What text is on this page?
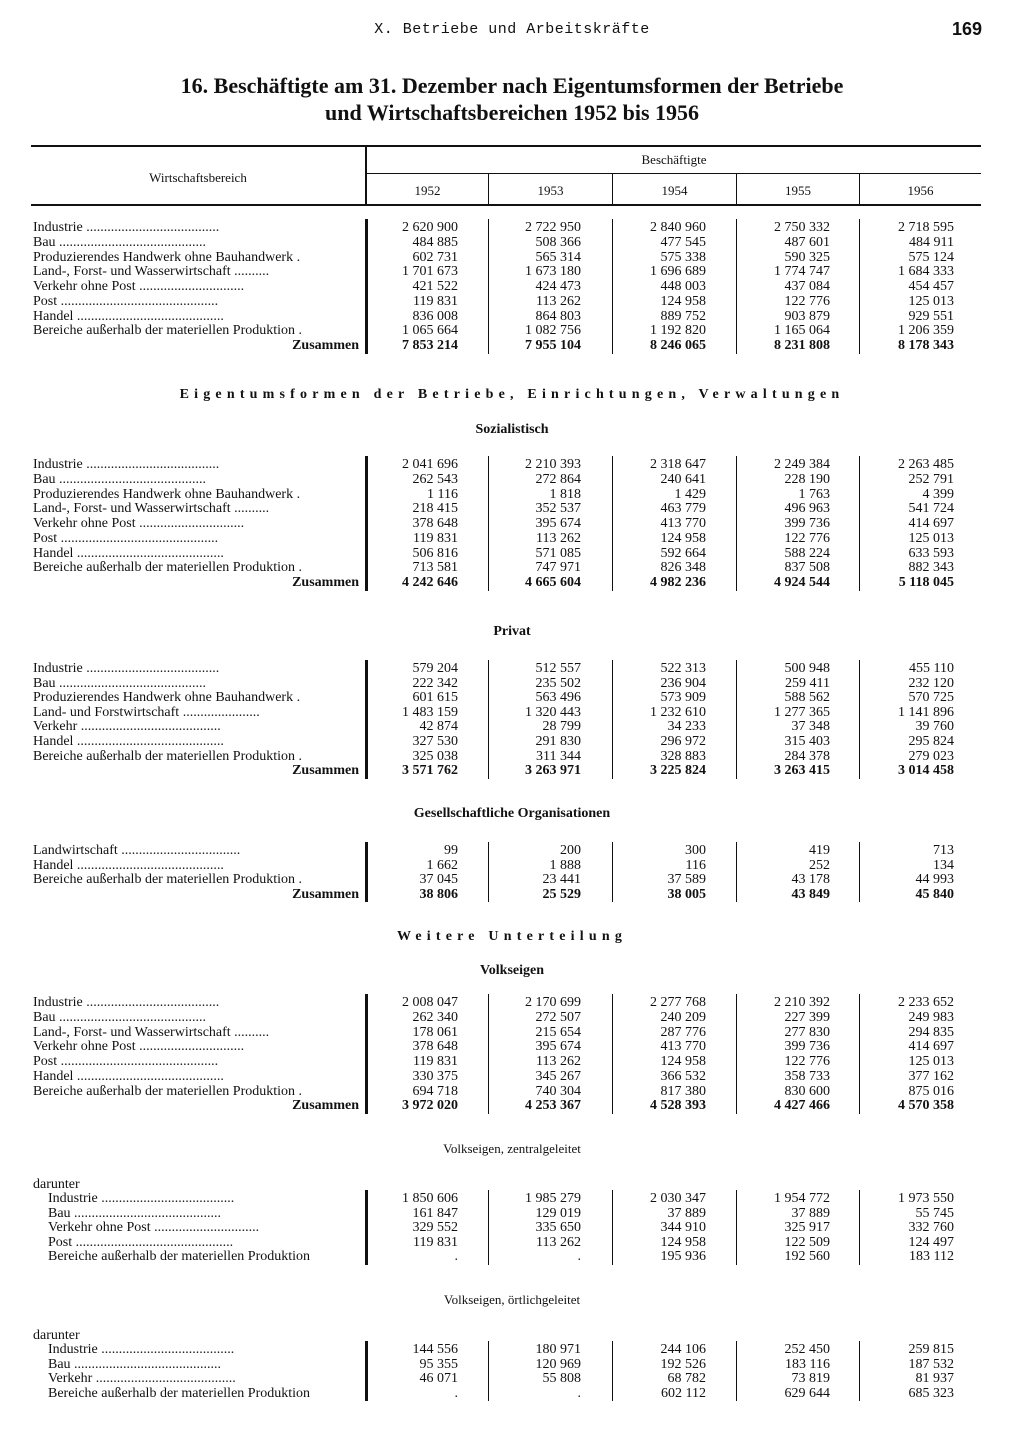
X. Betriebe und Arbeitskräfte	169
16. Beschäftigte am 31. Dezember nach Eigentumsformen der Betriebe
und Wirtschaftsbereichen 1952 bis 1956
Wirtschaftsbereich
Beschäftigte
1952	1953	1954	1955	1956
Industrie ......................................	2 620 900	2 722 950	2 840 960	2 750 332	2 718 595
Bau ..........................................	484 885	508 366	477 545	487 601	484 911
Produzierendes Handwerk ohne Bauhandwerk .	602 731	565 314	575 338	590 325	575 124
Land-, Forst- und Wasserwirtschaft ..........	1 701 673	1 673 180	1 696 689	1 774 747	1 684 333
Verkehr ohne Post ..............................	421 522	424 473	448 003	437 084	454 457
Post .............................................	119 831	113 262	124 958	122 776	125 013
Handel ..........................................	836 008	864 803	889 752	903 879	929 551
Bereiche außerhalb der materiellen Produktion .	1 065 664	1 082 756	1 192 820	1 165 064	1 206 359
Zusammen	7 853 214	7 955 104	8 246 065	8 231 808	8 178 343
Eigentumsformen der Betriebe, Einrichtungen, Verwaltungen
Sozialistisch
Industrie ......................................	2 041 696	2 210 393	2 318 647	2 249 384	2 263 485
Bau ..........................................	262 543	272 864	240 641	228 190	252 791
Produzierendes Handwerk ohne Bauhandwerk .	1 116	1 818	1 429	1 763	4 399
Land-, Forst- und Wasserwirtschaft ..........	218 415	352 537	463 779	496 963	541 724
Verkehr ohne Post ..............................	378 648	395 674	413 770	399 736	414 697
Post .............................................	119 831	113 262	124 958	122 776	125 013
Handel ..........................................	506 816	571 085	592 664	588 224	633 593
Bereiche außerhalb der materiellen Produktion .	713 581	747 971	826 348	837 508	882 343
Zusammen	4 242 646	4 665 604	4 982 236	4 924 544	5 118 045
Privat
Industrie ......................................	579 204	512 557	522 313	500 948	455 110
Bau ..........................................	222 342	235 502	236 904	259 411	232 120
Produzierendes Handwerk ohne Bauhandwerk .	601 615	563 496	573 909	588 562	570 725
Land- und Forstwirtschaft ......................	1 483 159	1 320 443	1 232 610	1 277 365	1 141 896
Verkehr ........................................	42 874	28 799	34 233	37 348	39 760
Handel ..........................................	327 530	291 830	296 972	315 403	295 824
Bereiche außerhalb der materiellen Produktion .	325 038	311 344	328 883	284 378	279 023
Zusammen	3 571 762	3 263 971	3 225 824	3 263 415	3 014 458
Gesellschaftliche Organisationen
Landwirtschaft ..................................	99	200	300	419	713
Handel ..........................................	1 662	1 888	116	252	134
Bereiche außerhalb der materiellen Produktion .	37 045	23 441	37 589	43 178	44 993
Zusammen	38 806	25 529	38 005	43 849	45 840
Weitere Unterteilung
Volkseigen
Industrie ......................................	2 008 047	2 170 699	2 277 768	2 210 392	2 233 652
Bau ..........................................	262 340	272 507	240 209	227 399	249 983
Land-, Forst- und Wasserwirtschaft ..........	178 061	215 654	287 776	277 830	294 835
Verkehr ohne Post ..............................	378 648	395 674	413 770	399 736	414 697
Post .............................................	119 831	113 262	124 958	122 776	125 013
Handel ..........................................	330 375	345 267	366 532	358 733	377 162
Bereiche außerhalb der materiellen Produktion .	694 718	740 304	817 380	830 600	875 016
Zusammen	3 972 020	4 253 367	4 528 393	4 427 466	4 570 358
Volkseigen, zentralgeleitet
darunter
Industrie ......................................	1 850 606	1 985 279	2 030 347	1 954 772	1 973 550
Bau ..........................................	161 847	129 019	37 889	37 889	55 745
Verkehr ohne Post ..............................	329 552	335 650	344 910	325 917	332 760
Post .............................................	119 831	113 262	124 958	122 509	124 497
Bereiche außerhalb der materiellen Produktion	.	.	195 936	192 560	183 112
Volkseigen, örtlichgeleitet
darunter
Industrie ......................................	144 556	180 971	244 106	252 450	259 815
Bau ..........................................	95 355	120 969	192 526	183 116	187 532
Verkehr ........................................	46 071	55 808	68 782	73 819	81 937
Bereiche außerhalb der materiellen Produktion	.	.	602 112	629 644	685 323
